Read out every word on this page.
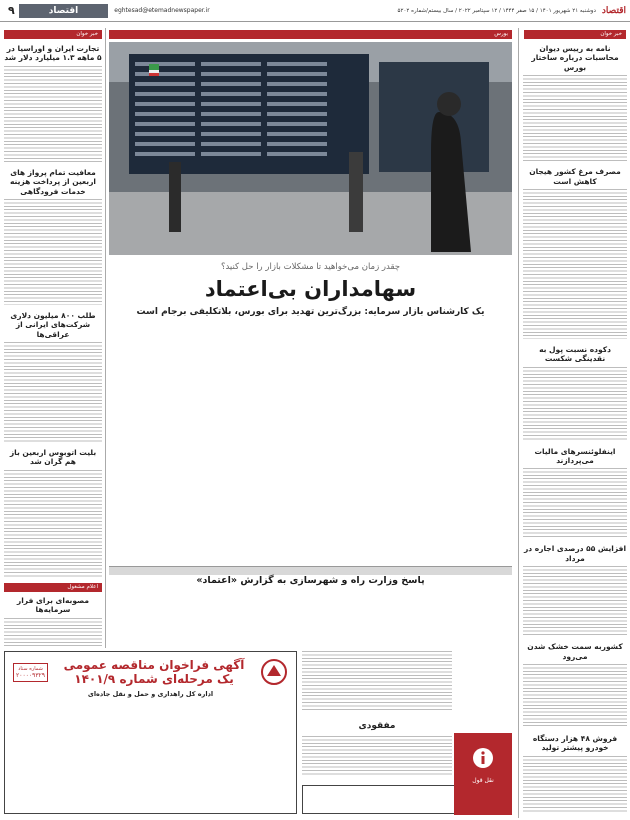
اقتصاد
دوشنبه ۲۱ شهریور ۱۴۰۱ / ۱۵ صفر ۱۴۴۴ / ۱۲ سپتامبر ۲۰۲۲ / سال بیستم/شماره ۵۲۰۲
eghtesad@etemadnewspaper.ir
اقتصاد
۹
خبر خوان
بورس
خبر خوان
نامه به رییس دیوان محاسبات درباره ساختار بورس
مصرف مرغ کشور هیجان کاهش است
دکوده نسبت پول به نقدینگی شکست
اینفلوئنسرهای مالیات می‌پردازند
افزایش ۵۵ درصدی اجاره در مرداد
کشوربه سمت خشک شدن می‌رود
فروش ۴۸ هزار دستگاه خودرو پیشتر تولید
تجارت ایران و اوراسیا در ۵ ماهه ۱.۳ میلیارد دلار شد
معافیت تمام پرواز های اربعین از پرداخت هزینه خدمات فرودگاهی
طلب ۸۰۰ میلیون دلاری شرکت‌های ایرانی از عراقی‌ها
بلیت اتوبوس اربعین باز هم گران شد
اعلام مشغول
مصوبه‌ای برای فرار سرمایه‌ها
چقدر زمان می‌خواهید تا مشکلات بازار را حل کنید؟
سهامداران بی‌اعتماد
یک کارشناس بازار سرمایه: بزرگ‌ترین تهدید برای بورس، بلاتکلیفی برجام است
پاسخ وزارت راه و شهرسازی به گزارش «اعتماد»
آگهی فراخوان مناقصه عمومی
یک مرحله‌ای شماره ۱۴۰۱/۹
شماره ستاد
۲۰۰۰۰۹۳۲۹
اداره کل راهداری و حمل و نقل جاده‌ای
مفقودی
نقل قول
